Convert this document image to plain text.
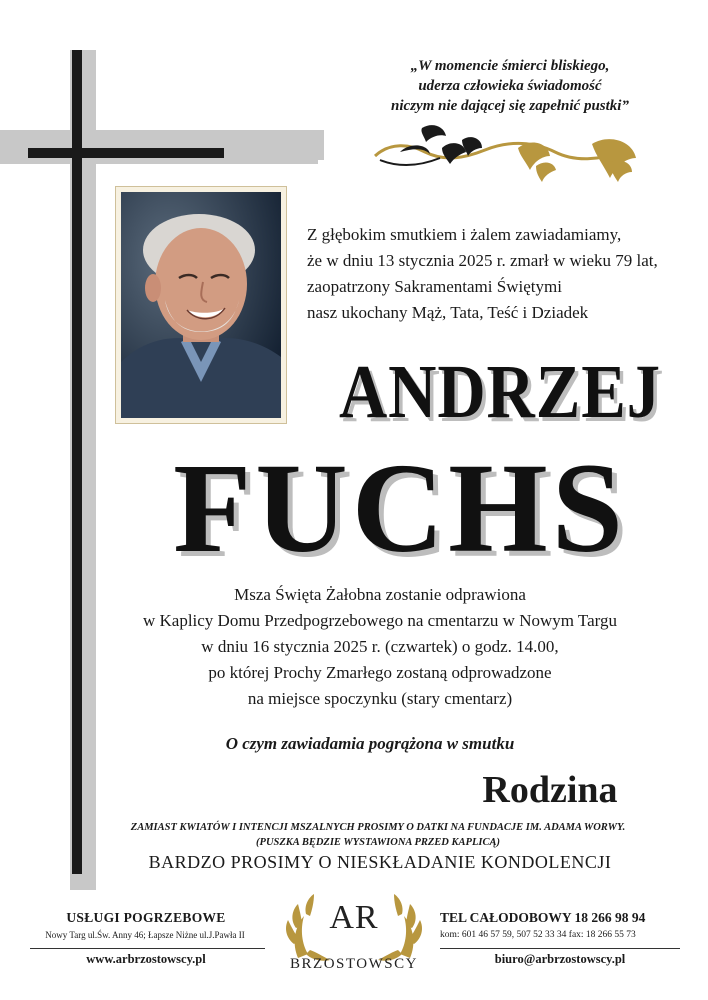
„W momencie śmierci bliskiego,
uderza człowieka świadomość
niczym nie dającej się zapełnić pustki”
Z głębokim smutkiem i żalem zawiadamiamy,
że w dniu 13 stycznia 2025 r. zmarł w wieku 79 lat,
zaopatrzony Sakramentami Świętymi
nasz ukochany Mąż, Tata, Teść i Dziadek
ANDRZEJ
FUCHS
Msza Święta Żałobna zostanie odprawiona
w Kaplicy Domu Przedpogrzebowego na cmentarzu w Nowym Targu
w dniu 16 stycznia 2025 r. (czwartek) o godz. 14.00,
po której Prochy Zmarłego zostaną odprowadzone
na miejsce spoczynku (stary cmentarz)
O czym zawiadamia pogrążona w smutku
Rodzina
ZAMIAST KWIATÓW I INTENCJI MSZALNYCH PROSIMY O DATKI NA FUNDACJE IM. ADAMA WORWY.
(PUSZKA BĘDZIE WYSTAWIONA PRZED KAPLICĄ)
BARDZO PROSIMY O NIESKŁADANIE KONDOLENCJI
USŁUGI POGRZEBOWE
Nowy Targ ul.Św. Anny 46; Łapsze Niżne ul.J.Pawła II
www.arbrzostowscy.pl
AR
BRZOSTOWSCY
TEL CAŁODOBOWY 18 266 98 94
kom: 601 46 57 59, 507 52 33 34 fax: 18 266 55 73
biuro@arbrzostowscy.pl
